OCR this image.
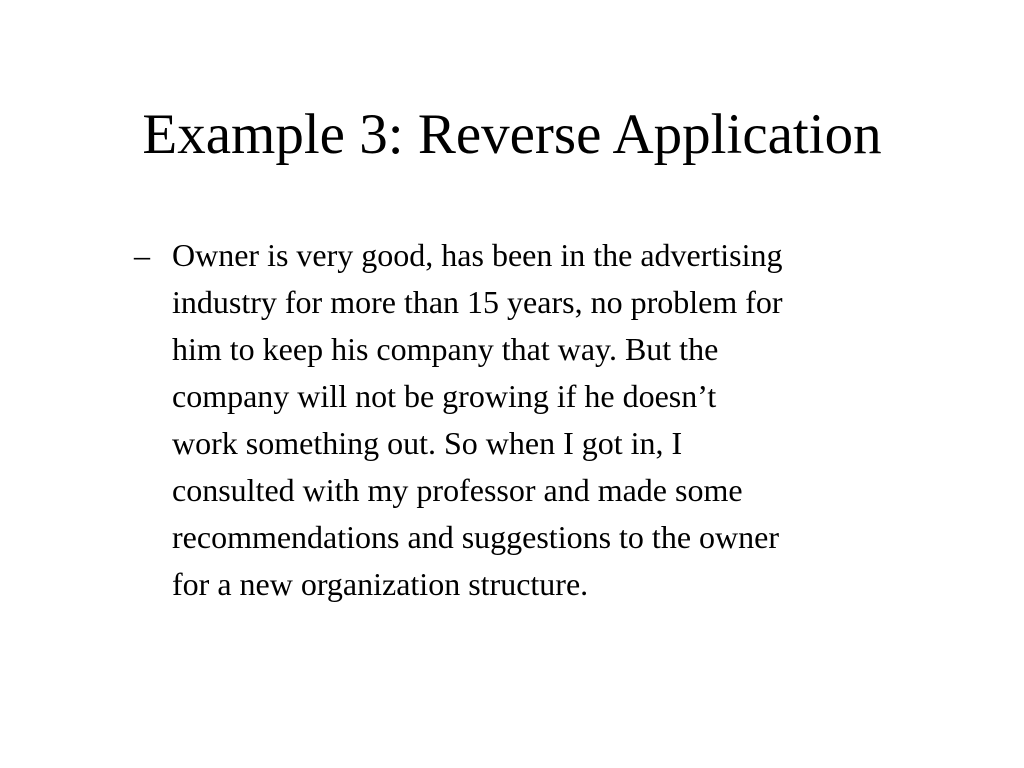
Example 3: Reverse Application
– Owner is very good, has been in the advertising
industry for more than 15 years, no problem for
him to keep his company that way. But the
company will not be growing if he doesn’t
work something out. So when I got in, I
consulted with my professor and made some
recommendations and suggestions to the owner
for a new organization structure.
